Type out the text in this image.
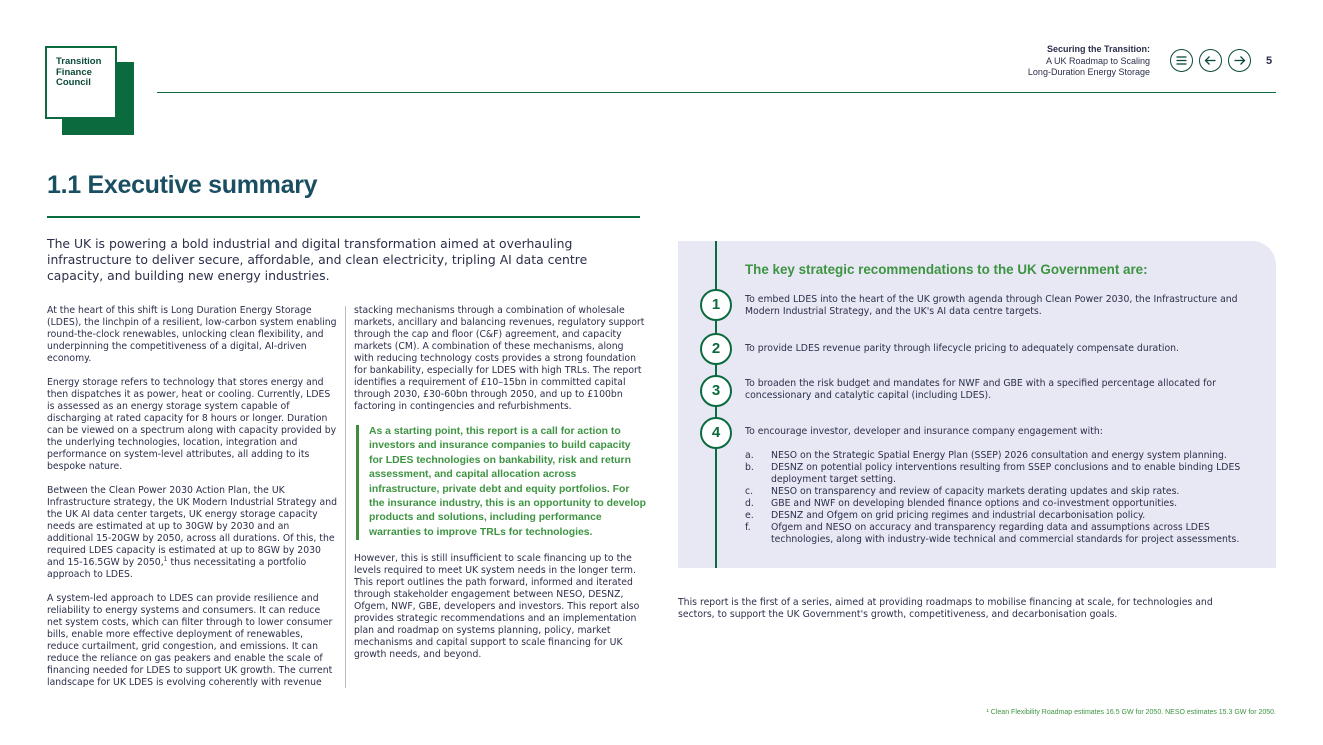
Transition
Finance
Council
Securing the Transition:
A UK Roadmap to Scaling
Long-Duration Energy Storage
5
1.1 Executive summary

The UK is powering a bold industrial and digital transformation aimed at overhauling infrastructure to deliver secure, affordable, and clean electricity, tripling AI data centre capacity, and building new energy industries.

At the heart of this shift is Long Duration Energy Storage (LDES), the linchpin of a resilient, low-carbon system enabling round-the-clock renewables, unlocking clean flexibility, and underpinning the competitiveness of a digital, AI-driven economy.

Energy storage refers to technology that stores energy and then dispatches it as power, heat or cooling. Currently, LDES is assessed as an energy storage system capable of discharging at rated capacity for 8 hours or longer. Duration can be viewed on a spectrum along with capacity provided by the underlying technologies, location, integration and performance on system-level attributes, all adding to its bespoke nature.

Between the Clean Power 2030 Action Plan, the UK Infrastructure strategy, the UK Modern Industrial Strategy and the UK AI data center targets, UK energy storage capacity needs are estimated at up to 30GW by 2030 and an additional 15-20GW by 2050, across all durations. Of this, the required LDES capacity is estimated at up to 8GW by 2030 and 15-16.5GW by 2050,$^1$ thus necessitating a portfolio approach to LDES.

A system-led approach to LDES can provide resilience and reliability to energy systems and consumers. It can reduce net system costs, which can filter through to lower consumer bills, enable more effective deployment of renewables, reduce curtailment, grid congestion, and emissions. It can reduce the reliance on gas peakers and enable the scale of financing needed for LDES to support UK growth. The current landscape for UK LDES is evolving coherently with revenue

stacking mechanisms through a combination of wholesale markets, ancillary and balancing revenues, regulatory support through the cap and floor (C&F) agreement, and capacity markets (CM). A combination of these mechanisms, along with reducing technology costs provides a strong foundation for bankability, especially for LDES with high TRLs. The report identifies a requirement of £10–15bn in committed capital through 2030, £30-60bn through 2050, and up to £100bn factoring in contingencies and refurbishments.

As a starting point, this report is a call for action to investors and insurance companies to build capacity for LDES technologies on bankability, risk and return assessment, and capital allocation across infrastructure, private debt and equity portfolios. For the insurance industry, this is an opportunity to develop products and solutions, including performance warranties to improve TRLs for technologies.

However, this is still insufficient to scale financing up to the levels required to meet UK system needs in the longer term. This report outlines the path forward, informed and iterated through stakeholder engagement between NESO, DESNZ, Ofgem, NWF, GBE, developers and investors. This report also provides strategic recommendations and an implementation plan and roadmap on systems planning, policy, market mechanisms and capital support to scale financing for UK growth needs, and beyond.

The key strategic recommendations to the UK Government are:
1	To embed LDES into the heart of the UK growth agenda through Clean Power 2030, the Infrastructure and Modern Industrial Strategy, and the UK's AI data centre targets.
2	To provide LDES revenue parity through lifecycle pricing to adequately compensate duration.
3	To broaden the risk budget and mandates for NWF and GBE with a specified percentage allocated for concessionary and catalytic capital (including LDES).
4	To encourage investor, developer and insurance company engagement with:
a. NESO on the Strategic Spatial Energy Plan (SSEP) 2026 consultation and energy system planning.
b. DESNZ on potential policy interventions resulting from SSEP conclusions and to enable binding LDES deployment target setting.
c. NESO on transparency and review of capacity markets derating updates and skip rates.
d. GBE and NWF on developing blended finance options and co-investment opportunities.
e. DESNZ and Ofgem on grid pricing regimes and industrial decarbonisation policy.
f. Ofgem and NESO on accuracy and transparency regarding data and assumptions across LDES technologies, along with industry-wide technical and commercial standards for project assessments.

This report is the first of a series, aimed at providing roadmaps to mobilise financing at scale, for technologies and sectors, to support the UK Government's growth, competitiveness, and decarbonisation goals.

¹ Clean Flexibility Roadmap estimates 16.5 GW for 2050. NESO estimates 15.3 GW for 2050.
